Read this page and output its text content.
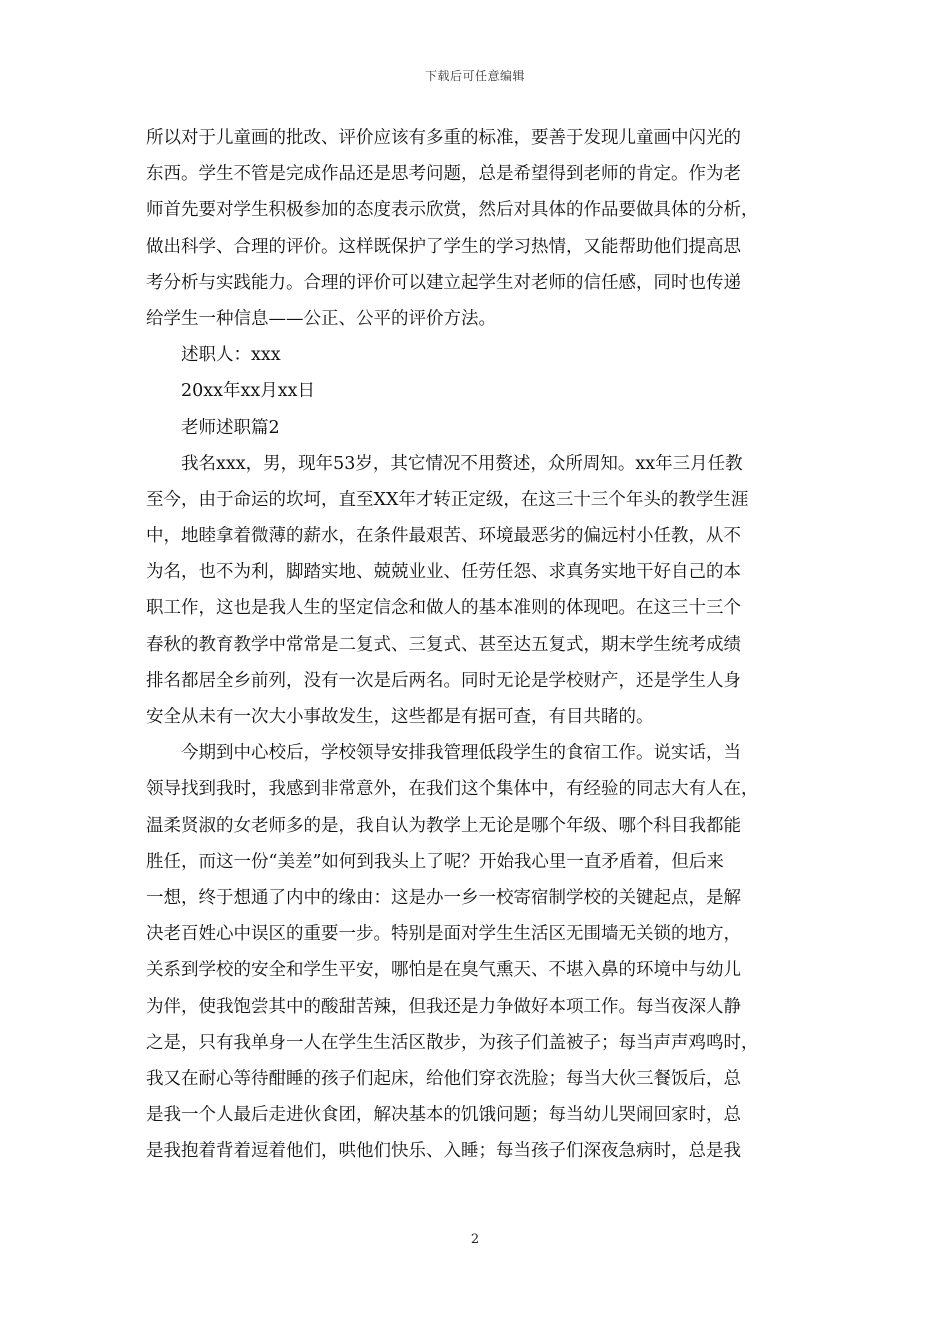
下载后可任意编辑
所以对于儿童画的批改、评价应该有多重的标准，要善于发现儿童画中闪光的
东西。学生不管是完成作品还是思考问题，总是希望得到老师的肯定。作为老
师首先要对学生积极参加的态度表示欣赏，然后对具体的作品要做具体的分析，
做出科学、合理的评价。这样既保护了学生的学习热情，又能帮助他们提高思
考分析与实践能力。合理的评价可以建立起学生对老师的信任感，同时也传递
给学生一种信息——公正、公平的评价方法。
述职人：xxx
20xx年xx月xx日
老师述职篇2
我名xxx，男，现年53岁，其它情况不用赘述，众所周知。xx年三月任教
至今，由于命运的坎坷，直至XX年才转正定级，在这三十三个年头的教学生涯
中，地睦拿着微薄的薪水，在条件最艰苦、环境最恶劣的偏远村小任教，从不
为名，也不为利，脚踏实地、兢兢业业、任劳任怨、求真务实地干好自己的本
职工作，这也是我人生的坚定信念和做人的基本准则的体现吧。在这三十三个
春秋的教育教学中常常是二复式、三复式、甚至达五复式，期末学生统考成绩
排名都居全乡前列，没有一次是后两名。同时无论是学校财产，还是学生人身
安全从未有一次大小事故发生，这些都是有据可查，有目共睹的。
今期到中心校后，学校领导安排我管理低段学生的食宿工作。说实话，当
领导找到我时，我感到非常意外，在我们这个集体中，有经验的同志大有人在，
温柔贤淑的女老师多的是，我自认为教学上无论是哪个年级、哪个科目我都能
胜任，而这一份“美差”如何到我头上了呢？开始我心里一直矛盾着，但后来
一想，终于想通了内中的缘由：这是办一乡一校寄宿制学校的关键起点，是解
决老百姓心中误区的重要一步。特别是面对学生生活区无围墙无关锁的地方，
关系到学校的安全和学生平安，哪怕是在臭气熏天、不堪入鼻的环境中与幼儿
为伴，使我饱尝其中的酸甜苦辣，但我还是力争做好本项工作。每当夜深人静
之是，只有我单身一人在学生生活区散步，为孩子们盖被子；每当声声鸡鸣时，
我又在耐心等待酣睡的孩子们起床，给他们穿衣洗脸；每当大伙三餐饭后，总
是我一个人最后走进伙食团，解决基本的饥饿问题；每当幼儿哭闹回家时，总
是我抱着背着逗着他们，哄他们快乐、入睡；每当孩子们深夜急病时，总是我
2
